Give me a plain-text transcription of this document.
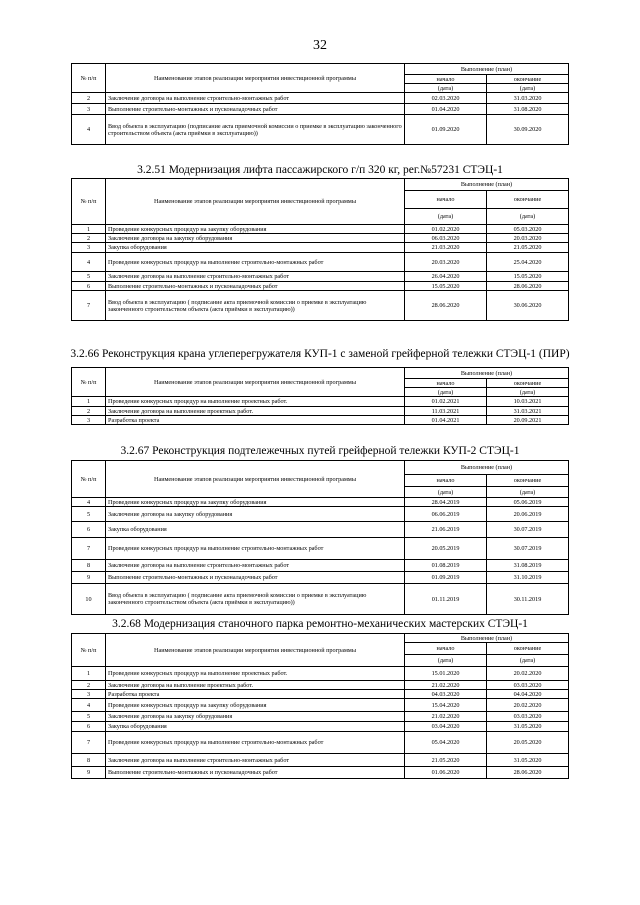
32
№ п/п	Наименование этапов реализации мероприятия инвестиционной программы	Выполнение (план)	
		начало	окончание
		(дата)	(дата)
2	Заключение договора на выполнение строительно-монтажных работ	02.03.2020	31.03.2020
3	Выполнение строительно-монтажных и пусконаладочных работ	01.04.2020	31.08.2020
4	Ввод объекта в эксплуатацию (подписание акта приемочной комиссии о приемке в эксплуатацию законченного строительством объекта (акта приёмки в эксплуатацию))	01.09.2020	30.09.2020
3.2.51 Модернизация лифта пассажирского г/п 320 кг, рег.№57231 СТЭЦ-1
№ п/п	Наименование этапов реализации мероприятия инвестиционной программы	Выполнение (план)	
		начало	окончание
		(дата)	(дата)
1	Проведение конкурсных процедур на закупку оборудования	01.02.2020	05.03.2020
2	Заключение договора на закупку оборудования	06.03.2020	20.03.2020
3	Закупка оборудования	21.03.2020	21.05.2020
4	Проведение конкурсных процедур на выполнение строительно-монтажных работ	20.03.2020	25.04.2020
5	Заключение договора на выполнение строительно-монтажных работ	26.04.2020	15.05.2020
6	Выполнение строительно-монтажных и пусконаладочных работ	15.05.2020	28.06.2020
7	Ввод объекта в эксплуатацию ( подписание акта приемочной комиссии о приемке в эксплуатацию законченного строительством объекта (акта приёмки в эксплуатацию))	28.06.2020	30.06.2020
3.2.66 Реконструкция крана углеперегружателя КУП-1 с заменой грейферной тележки СТЭЦ-1 (ПИР)
№ п/п	Наименование этапов реализации мероприятия инвестиционной программы	Выполнение (план)	
		начало	окончание
		(дата)	(дата)
1	Проведение конкурсных процедур на выполнение проектных работ.	01.02.2021	10.03.2021
2	Заключение договора на выполнение проектных работ.	11.03.2021	31.03.2021
3	Разработка проекта	01.04.2021	20.09.2021
3.2.67 Реконструкция подтележечных путей грейферной тележки КУП-2 СТЭЦ-1
№ п/п	Наименование этапов реализации мероприятия инвестиционной программы	Выполнение (план)	
		начало	окончание
		(дата)	(дата)
4	Проведение конкурсных процедур на закупку оборудования	28.04.2019	05.06.2019
5	Заключение договора на закупку оборудования	06.06.2019	20.06.2019
6	Закупка оборудования	21.06.2019	30.07.2019
7	Проведение конкурсных процедур на выполнение строительно-монтажных работ	20.05.2019	30.07.2019
8	Заключение договора на выполнение строительно-монтажных работ	01.08.2019	31.08.2019
9	Выполнение строительно-монтажных и пусконаладочных работ	01.09.2019	31.10.2019
10	Ввод объекта в эксплуатацию ( подписание акта приемочной комиссии о приемке в эксплуатацию законченного строительством объекта (акта приёмки в эксплуатацию))	01.11.2019	30.11.2019
3.2.68 Модернизация станочного парка ремонтно-механических мастерских СТЭЦ-1
№ п/п	Наименование этапов реализации мероприятия инвестиционной программы	Выполнение (план)	
		начало	окончание
		(дата)	(дата)
1	Проведение конкурсных процедур на выполнение проектных работ.	15.01.2020	20.02.2020
2	Заключение договора на выполнение проектных работ.	21.02.2020	03.03.2020
3	Разработка проекта	04.03.2020	04.04.2020
4	Проведение конкурсных процедур на закупку оборудования	15.04.2020	20.02.2020
5	Заключение договора на закупку оборудования	21.02.2020	03.03.2020
6	Закупка оборудования	03.04.2020	31.05.2020
7	Проведение конкурсных процедур на выполнение строительно-монтажных работ	05.04.2020	20.05.2020
8	Заключение договора на выполнение строительно-монтажных работ	21.05.2020	31.05.2020
9	Выполнение строительно-монтажных и пусконаладочных работ	01.06.2020	28.06.2020
